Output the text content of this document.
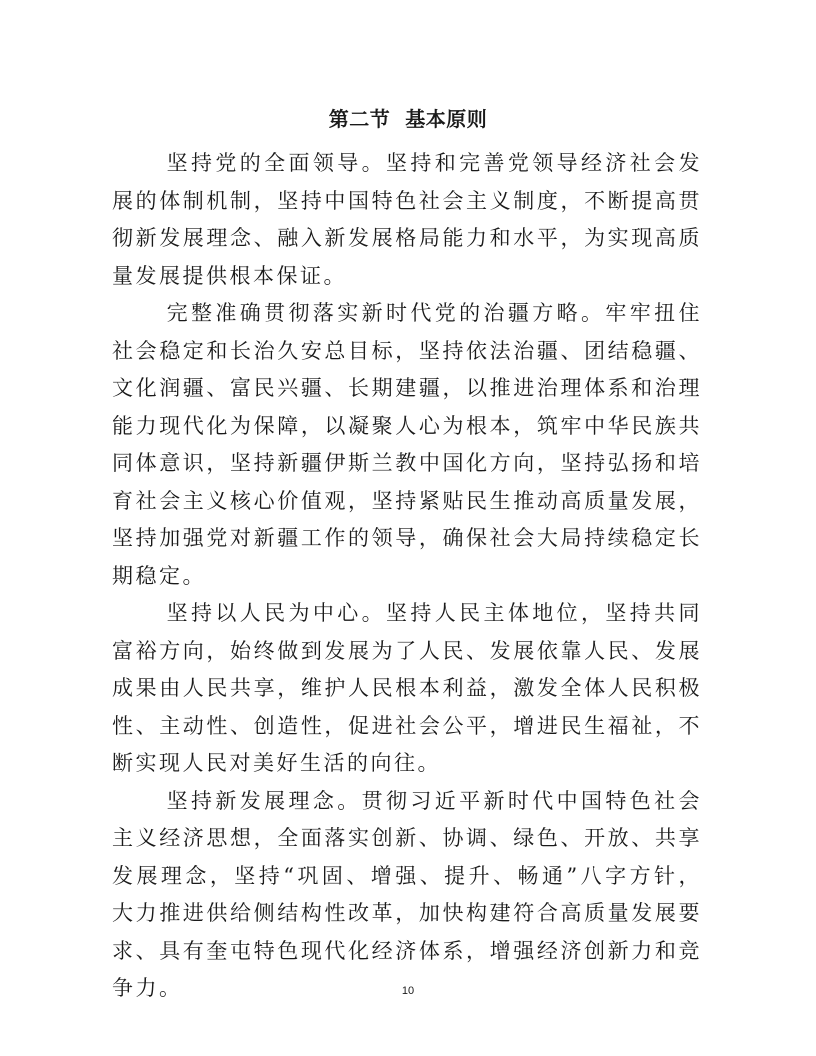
第二节  基本原则

坚持党的全面领导。坚持和完善党领导经济社会发展的体制机制，坚持中国特色社会主义制度，不断提高贯彻新发展理念、融入新发展格局能力和水平，为实现高质量发展提供根本保证。

完整准确贯彻落实新时代党的治疆方略。牢牢扭住社会稳定和长治久安总目标，坚持依法治疆、团结稳疆、文化润疆、富民兴疆、长期建疆，以推进治理体系和治理能力现代化为保障，以凝聚人心为根本，筑牢中华民族共同体意识，坚持新疆伊斯兰教中国化方向，坚持弘扬和培育社会主义核心价值观，坚持紧贴民生推动高质量发展，坚持加强党对新疆工作的领导，确保社会大局持续稳定长期稳定。

坚持以人民为中心。坚持人民主体地位，坚持共同富裕方向，始终做到发展为了人民、发展依靠人民、发展成果由人民共享，维护人民根本利益，激发全体人民积极性、主动性、创造性，促进社会公平，增进民生福祉，不断实现人民对美好生活的向往。

坚持新发展理念。贯彻习近平新时代中国特色社会主义经济思想，全面落实创新、协调、绿色、开放、共享发展理念，坚持“巩固、增强、提升、畅通”八字方针，大力推进供给侧结构性改革，加快构建符合高质量发展要求、具有奎屯特色现代化经济体系，增强经济创新力和竞争力。	10
